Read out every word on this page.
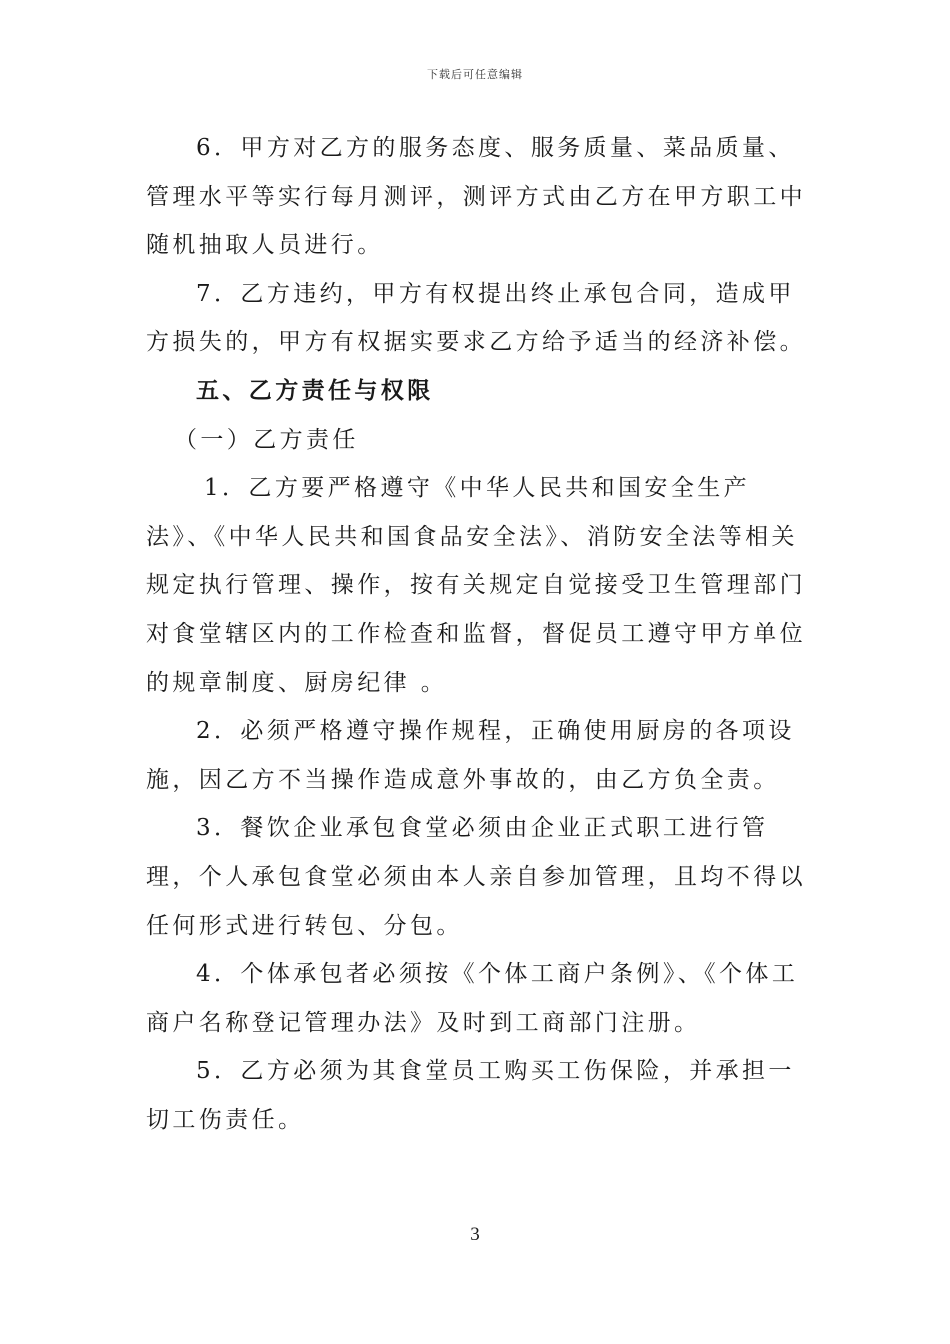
下载后可任意编辑

6．甲方对乙方的服务态度、服务质量、菜品质量、管理水平等实行每月测评，测评方式由乙方在甲方职工中随机抽取人员进行。

7．乙方违约，甲方有权提出终止承包合同，造成甲方损失的，甲方有权据实要求乙方给予适当的经济补偿。

五、乙方责任与权限

（一）乙方责任

1．乙方要严格遵守《中华人民共和国安全生产法》、《中华人民共和国食品安全法》、消防安全法等相关规定执行管理、操作，按有关规定自觉接受卫生管理部门对食堂辖区内的工作检查和监督，督促员工遵守甲方单位的规章制度、厨房纪律 。

2．必须严格遵守操作规程，正确使用厨房的各项设施，因乙方不当操作造成意外事故的，由乙方负全责。

3．餐饮企业承包食堂必须由企业正式职工进行管理，个人承包食堂必须由本人亲自参加管理，且均不得以任何形式进行转包、分包。

4．个体承包者必须按《个体工商户条例》、《个体工商户名称登记管理办法》及时到工商部门注册。

5．乙方必须为其食堂员工购买工伤保险，并承担一切工伤责任。

3
